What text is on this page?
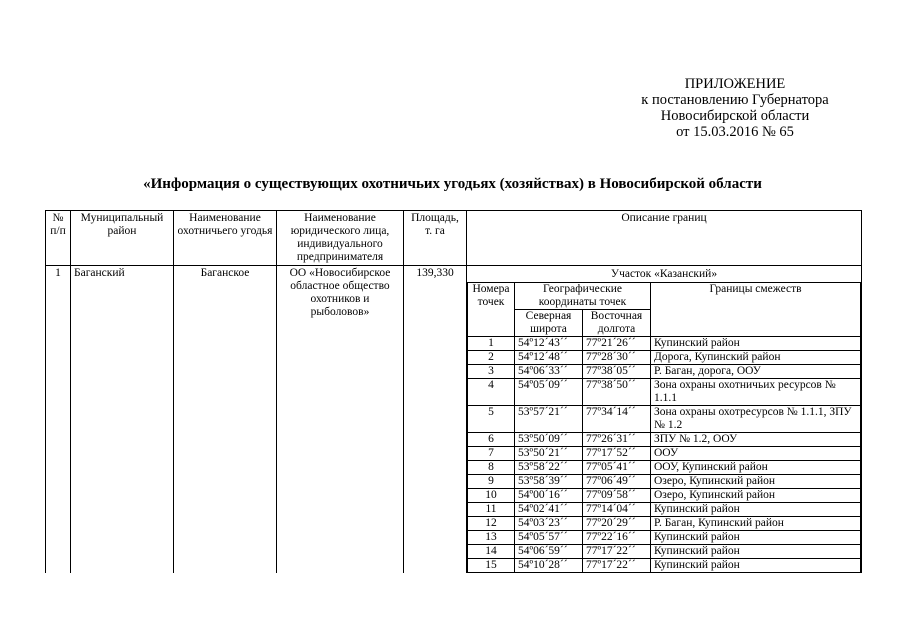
ПРИЛОЖЕНИЕ
к постановлению Губернатора
Новосибирской области
от 15.03.2016 № 65
«Информация о существующих охотничьих угодьях (хозяйствах) в Новосибирской области
№ п/п	Муниципальный район	Наименование охотничьего угодья	Наименование юридического лица, индивидуального предпринимателя	Площадь, т. га	Описание границ
1	Баганский	Баганское	ОО «Новосибирское областное общество охотников и рыболовов»	139,330	Участок «Казанский»
Номера точек	Географические координаты точек	Границы смежеств
Северная широта	Восточная долгота
1	54º12´43´´	77º21´26´´	Купинский район
2	54º12´48´´	77º28´30´´	Дорога, Купинский район
3	54º06´33´´	77º38´05´´	Р. Баган, дорога, ООУ
4	54º05´09´´	77º38´50´´	Зона охраны охотничьих ресурсов № 1.1.1
5	53º57´21´´	77º34´14´´	Зона охраны охотресурсов № 1.1.1, ЗПУ № 1.2
6	53º50´09´´	77º26´31´´	ЗПУ № 1.2, ООУ
7	53º50´21´´	77º17´52´´	ООУ
8	53º58´22´´	77º05´41´´	ООУ, Купинский район
9	53º58´39´´	77º06´49´´	Озеро, Купинский район
10	54º00´16´´	77º09´58´´	Озеро, Купинский район
11	54º02´41´´	77º14´04´´	Купинский район
12	54º03´23´´	77º20´29´´	Р. Баган, Купинский район
13	54º05´57´´	77º22´16´´	Купинский район
14	54º06´59´´	77º17´22´´	Купинский район
15	54º10´28´´	77º17´22´´	Купинский район
